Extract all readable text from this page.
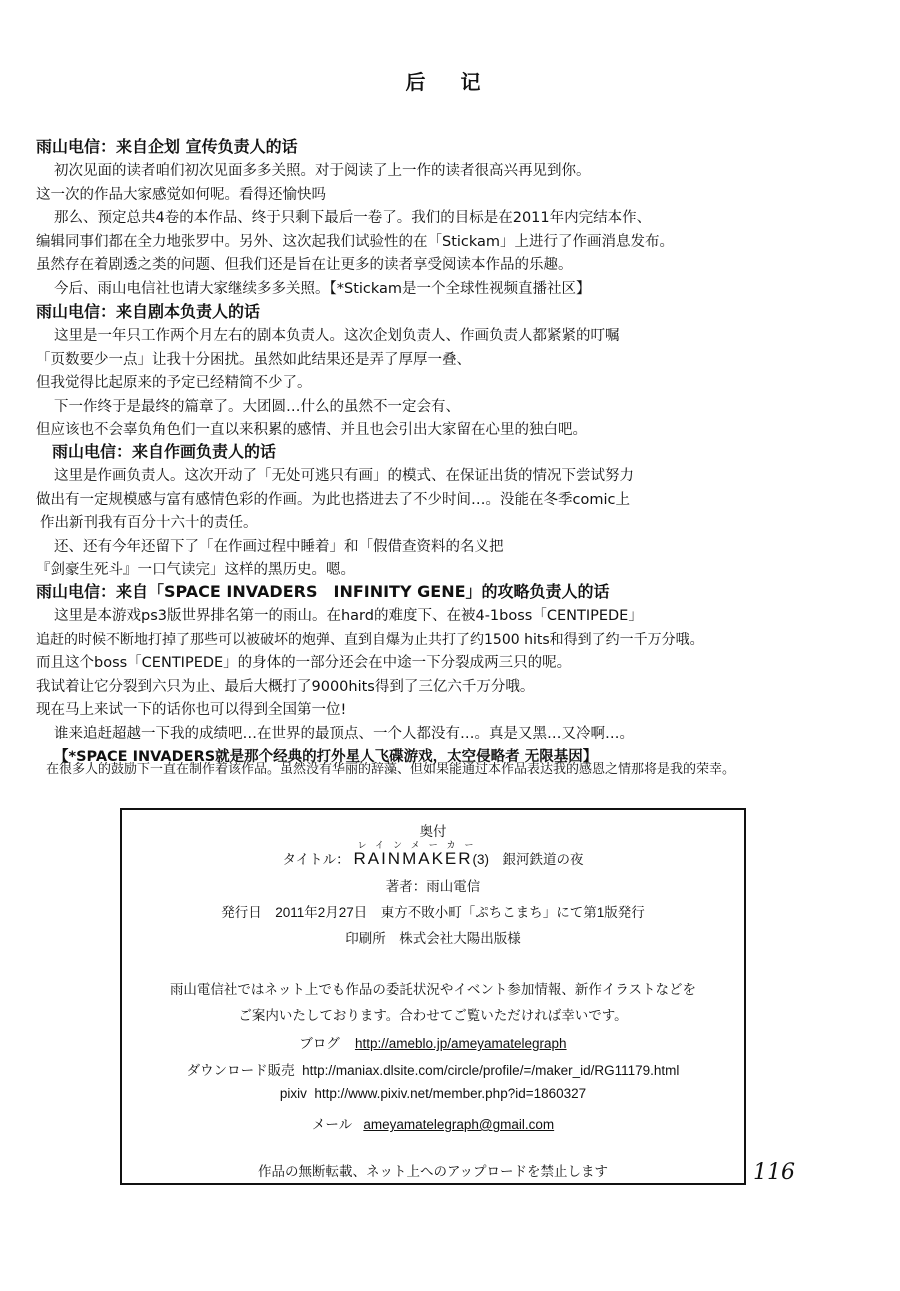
后 记
雨山电信：来自企划 宣传负责人的话
初次见面的读者咱们初次见面多多关照。对于阅读了上一作的读者很高兴再见到你。
这一次的作品大家感觉如何呢。看得还愉快吗
那么、预定总共4卷的本作品、终于只剩下最后一卷了。我们的目标是在2011年内完结本作、
编辑同事们都在全力地张罗中。另外、这次起我们试验性的在「Stickam」上进行了作画消息发布。
虽然存在着剧透之类的问题、但我们还是旨在让更多的读者享受阅读本作品的乐趣。
今后、雨山电信社也请大家继续多多关照。【*Stickam是一个全球性视频直播社区】
雨山电信：来自剧本负责人的话
这里是一年只工作两个月左右的剧本负责人。这次企划负责人、作画负责人都紧紧的叮嘱
「页数要少一点」让我十分困扰。虽然如此结果还是弄了厚厚一叠、
但我觉得比起原来的予定已经精简不少了。
下一作终于是最终的篇章了。大团圆…什么的虽然不一定会有、
但应该也不会辜负角色们一直以来积累的感情、并且也会引出大家留在心里的独白吧。
雨山电信：来自作画负责人的话
这里是作画负责人。这次开动了「无处可逃只有画」的模式、在保证出货的情况下尝试努力
做出有一定规模感与富有感情色彩的作画。为此也搭进去了不少时间…。没能在冬季comic上
作出新刊我有百分十六十的责任。
还、还有今年还留下了「在作画过程中睡着」和「假借查资料的名义把
『剑豪生死斗』一口气读完」这样的黑历史。嗯。
雨山电信：来自「SPACE INVADERS　INFINITY GENE」的攻略负责人的话
这里是本游戏ps3版世界排名第一的雨山。在hard的难度下、在被4-1boss「CENTIPEDE」
追赶的时候不断地打掉了那些可以被破坏的炮弹、直到自爆为止共打了约1500 hits和得到了约一千万分哦。
而且这个boss「CENTIPEDE」的身体的一部分还会在中途一下分裂成两三只的呢。
我试着让它分裂到六只为止、最后大概打了9000hits得到了三亿六千万分哦。
现在马上来试一下的话你也可以得到全国第一位!
谁来追赶超越一下我的成绩吧…在世界的最顶点、一个人都没有…。真是又黑…又冷啊…。
【*SPACE INVADERS就是那个经典的打外星人飞碟游戏，太空侵略者 无限基因】
在很多人的鼓励下一直在制作着该作品。虽然没有华丽的辞藻、但如果能通过本作品表达我的感恩之情那将是我的荣幸。
奥付
タイトル：
レインメーカー
RAINMAKER(3)　銀河鉄道の夜
著者：雨山電信
発行日　2011年2月27日　東方不敗小町「ぷちこまち」にて第1版発行
印刷所　株式会社大陽出版様
雨山電信社ではネット上でも作品の委託状況やイベント参加情報、新作イラストなどを
ご案内いたしております。合わせてご覧いただければ幸いです。
ブログ http://ameblo.jp/ameyamatelegraph
ダウンロード販売 http://maniax.dlsite.com/circle/profile/=/maker_id/RG11179.html
pixiv http://www.pixiv.net/member.php?id=1860327
メール ameyamatelegraph@gmail.com
作品の無断転載、ネット上へのアップロードを禁止します	116
